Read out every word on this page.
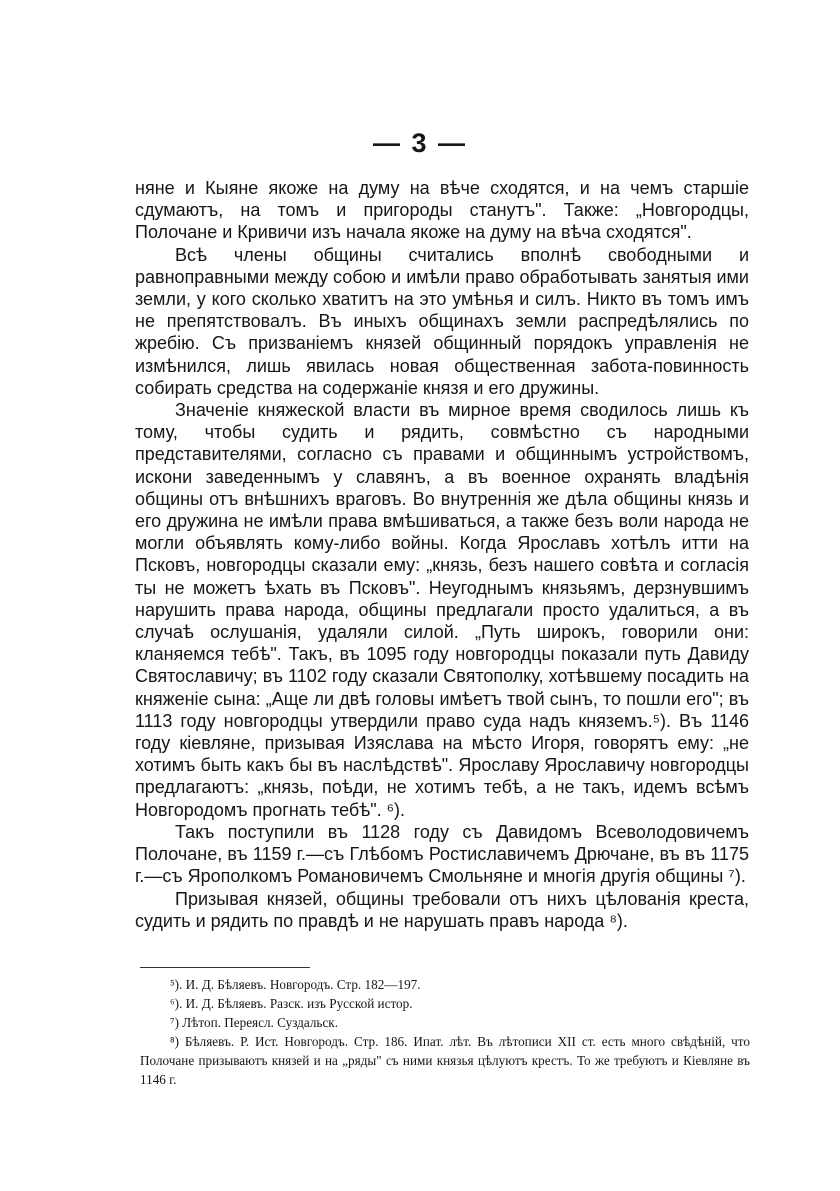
— 3 —

няне и Кыяне якоже на думу на вѣче сходятся, и на чемъ старшiе сдумаютъ, на томъ и пригороды станутъ". Также: „Новгородцы, Полочане и Кривичи изъ начала якоже на думу на вѣча сходятся".

Всѣ члены общины считались вполнѣ свободными и равноправными между собою и имѣли право обработывать занятыя ими земли, у кого сколько хватитъ на это умѣнья и силъ. Никто въ томъ имъ не препятствовалъ. Въ иныхъ общинахъ земли распредѣлялись по жребiю. Съ призванiемъ князей общинный порядокъ управленiя не измѣнился, лишь явилась новая общественная забота-повинность собирать средства на содержанiе князя и его дружины.

Значенiе княжеской власти въ мирное время сводилось лишь къ тому, чтобы судить и рядить, совмѣстно съ народными представителями, согласно съ правами и общиннымъ устройствомъ, искони заведеннымъ у славянъ, а въ военное охранять владѣнiя общины отъ внѣшнихъ враговъ. Во внутреннiя же дѣла общины князь и его дружина не имѣли права вмѣшиваться, а также безъ воли народа не могли объявлять кому-либо войны. Когда Ярославъ хотѣлъ итти на Псковъ, новгородцы сказали ему: „князь, безъ нашего совѣта и согласiя ты не можетъ ѣхать въ Псковъ". Неугоднымъ князьямъ, дерзнувшимъ нарушить права народа, общины предлагали просто удалиться, а въ случаѣ ослушанiя, удаляли силой. „Путь широкъ, говорили они: кланяемся тебѣ". Такъ, въ 1095 году новгородцы показали путь Давиду Святославичу; въ 1102 году сказали Святополку, хотѣвшему посадить на княженiе сына: „Аще ли двѣ головы имѣетъ твой сынъ, то пошли его"; въ 1113 году новгородцы утвердили право суда надъ княземъ.⁵). Въ 1146 году кiевляне, призывая Изяслава на мѣсто Игоря, говорятъ ему: „не хотимъ быть какъ бы въ наслѣдствѣ". Ярославу Ярославичу новгородцы предлагаютъ: „князь, поѣди, не хотимъ тебѣ, а не такъ, идемъ всѣмъ Новгородомъ прогнать тебѣ". ⁶).

Такъ поступили въ 1128 году съ Давидомъ Всеволодовичемъ Полочане, въ 1159 г.—съ Глѣбомъ Ростиславичемъ Дрючане, въ въ 1175 г.—съ Ярополкомъ Романовичемъ Смольняне и многiя другiя общины ⁷).

Призывая князей, общины требовали отъ нихъ цѣлованiя креста, судить и рядить по правдѣ и не нарушать правъ народа ⁸).

⁵). И. Д. Бѣляевъ. Новгородъ. Стр. 182—197.

⁶). И. Д. Бѣляевъ. Разск. изъ Русской истор.

⁷) Лѣтоп. Переясл. Суздальск.

⁸) Бѣляевъ. Р. Ист. Новгородъ. Стр. 186. Ипат. лѣт. Въ лѣтописи XII ст. есть много свѣдѣнiй, что Полочане призываютъ князей и на „ряды" съ ними князья цѣлуютъ крестъ. То же требуютъ и Кiевляне въ 1146 г.
